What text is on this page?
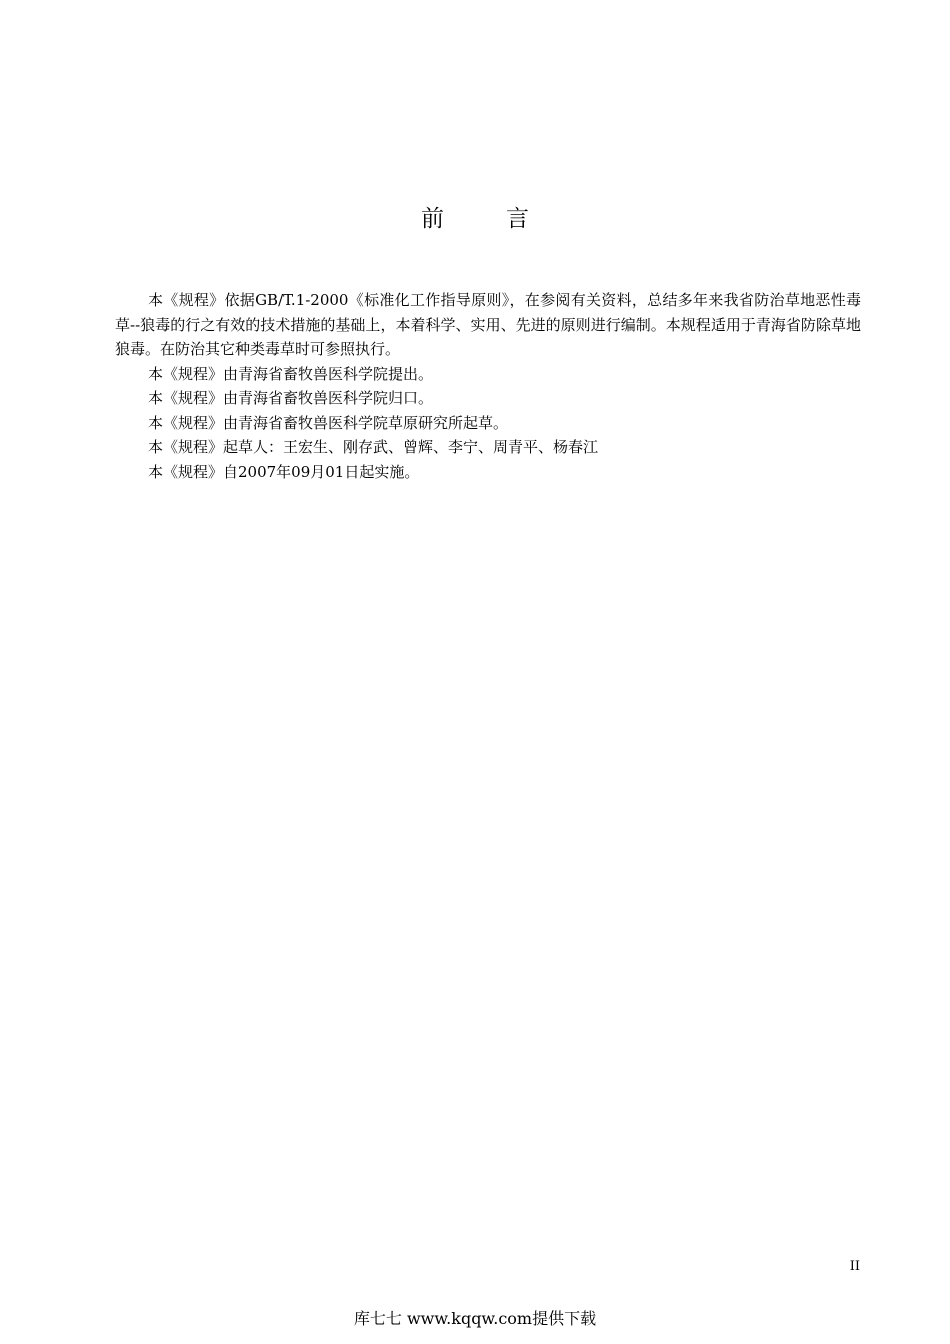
前言

本《规程》依据GB/T.1-2000《标准化工作指导原则》，在参阅有关资料，总结多年来我省防治草地恶性毒草--狼毒的行之有效的技术措施的基础上，本着科学、实用、先进的原则进行编制。本规程适用于青海省防除草地狼毒。在防治其它种类毒草时可参照执行。

本《规程》由青海省畜牧兽医科学院提出。

本《规程》由青海省畜牧兽医科学院归口。

本《规程》由青海省畜牧兽医科学院草原研究所起草。

本《规程》起草人：王宏生、刚存武、曾辉、李宁、周青平、杨春江

本《规程》自2007年09月01日起实施。

II
库七七 www.kqqw.com提供下载
